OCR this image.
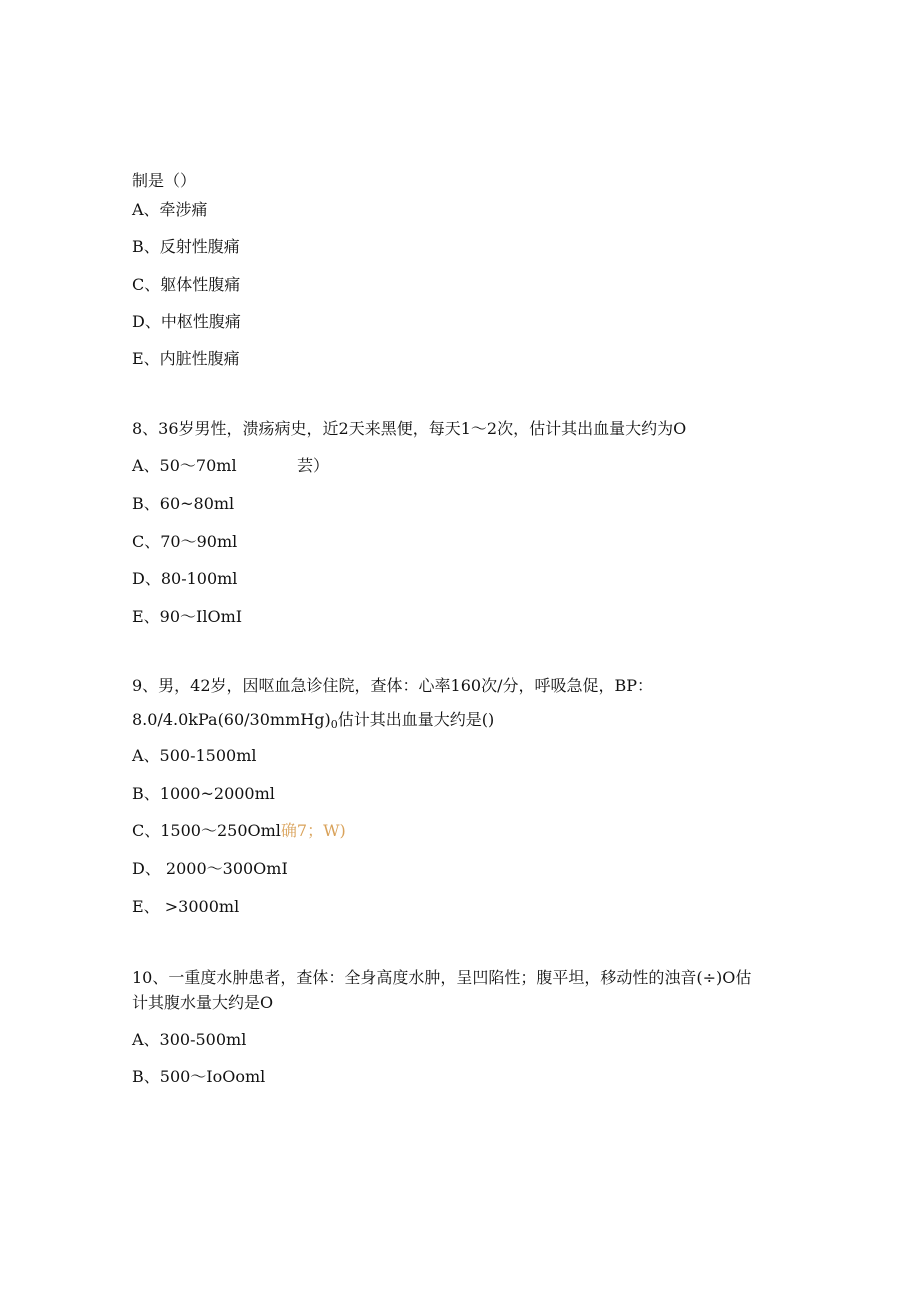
制是（）
A、牵涉痛
B、反射性腹痛
C、躯体性腹痛
D、中枢性腹痛
E、内脏性腹痛
8、36岁男性，溃疡病史，近2天来黑便，每天1～2次，估计其出血量大约为O
A、50～70ml	芸）
B、60~80ml
C、70～90ml
D、80-100ml
E、90～IlOmI
9、男，42岁，因呕血急诊住院，查体：心率160次/分，呼吸急促，BP：
8.0∕4.0kPa(60∕30mmHg)0估计其出血量大约是()
A、500-1500ml
B、1000~2000ml
C、1500～250Oml确7；W)
D、 2000～300OmI
E、 >3000ml
10、一重度水肿患者，查体：全身高度水肿，呈凹陷性；腹平坦，移动性的浊音(÷)O估
计其腹水量大约是O
A、300-500ml
B、500～IoOoml
